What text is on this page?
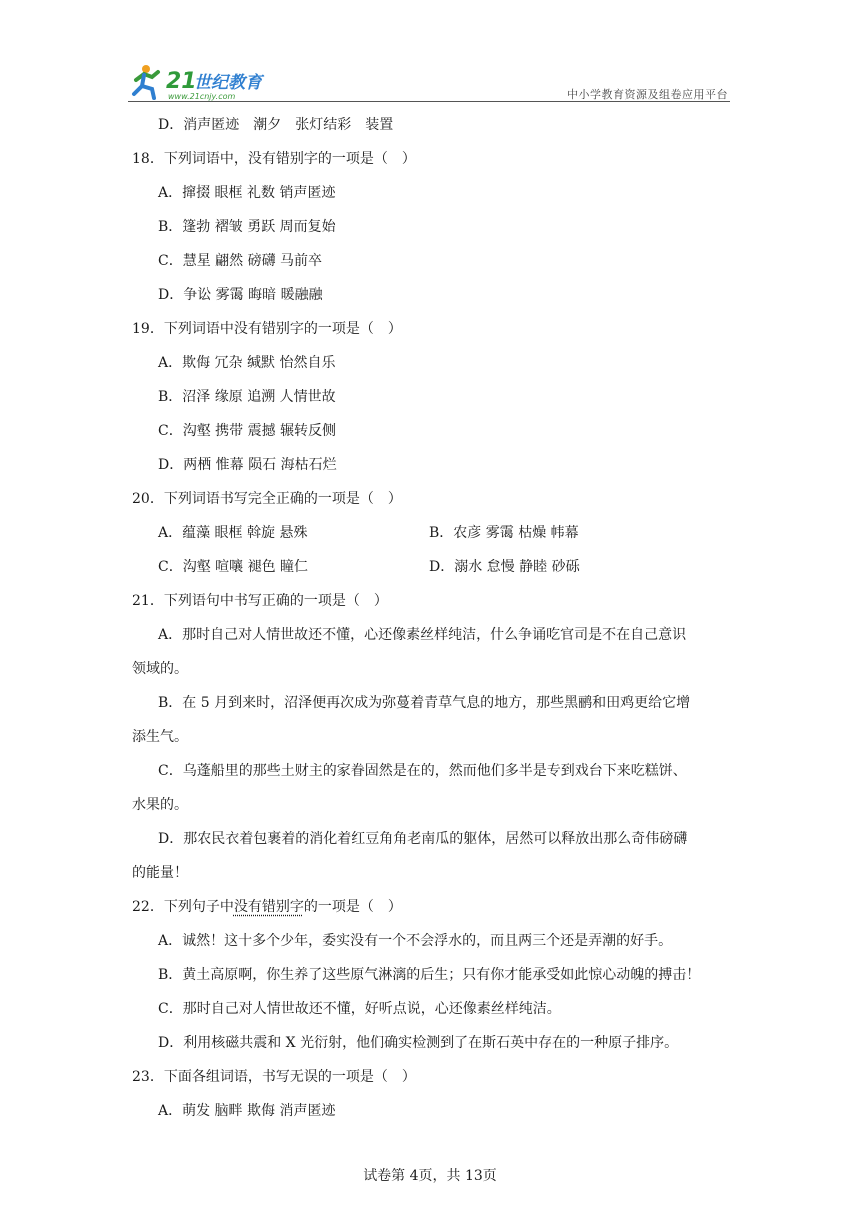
21
世纪教育
www.21cnjy.com	中小学教育资源及组卷应用平台
D．消声匿迹　潮夕　张灯结彩　装置
18．下列词语中，没有错别字的一项是（　）
A．撺掇 眼框 礼数 销声匿迹
B．篷勃 褶皱 勇跃 周而复始
C．慧星 翩然 磅礴 马前卒
D．争讼 雾霭 晦暗 暖融融
19．下列词语中没有错别字的一项是（　）
A．欺侮 冗杂 缄默 怡然自乐
B．沼泽 缘原 追溯 人情世故
C．沟壑 携带 震撼 辗转反侧
D．两栖 惟幕 陨石 海枯石烂
20．下列词语书写完全正确的一项是（　）
A．蕴藻 眼框 斡旋 悬殊	B．农彦 雾霭 枯燥 帏幕
C．沟壑 喧嚷 褪色 瞳仁	D．溺水 怠慢 静睦 砂砾
21．下列语句中书写正确的一项是（　）
A．那时自己对人情世故还不懂，心还像素丝样纯洁，什么争诵吃官司是不在自己意识
领域的。
B．在 5 月到来时，沼泽便再次成为弥蔓着青草气息的地方，那些黑鹂和田鸡更给它增
添生气。
C．乌蓬船里的那些土财主的家眷固然是在的，然而他们多半是专到戏台下来吃糕饼、
水果的。
D．那农民衣着包裹着的消化着红豆角角老南瓜的躯体，居然可以释放出那么奇伟磅礴
的能量！
22．下列句子中没有错别字的一项是（　）
A．诚然！这十多个少年，委实没有一个不会浮水的，而且两三个还是弄潮的好手。
B．黄土高原啊，你生养了这些原气淋漓的后生；只有你才能承受如此惊心动魄的搏击！
C．那时自己对人情世故还不懂，好听点说，心还像素丝样纯洁。
D．利用核磁共震和 X 光衍射，他们确实检测到了在斯石英中存在的一种原子排序。
23．下面各组词语，书写无误的一项是（　）
A．萌发 脑畔 欺侮 消声匿迹
试卷第 4页，共 13页
